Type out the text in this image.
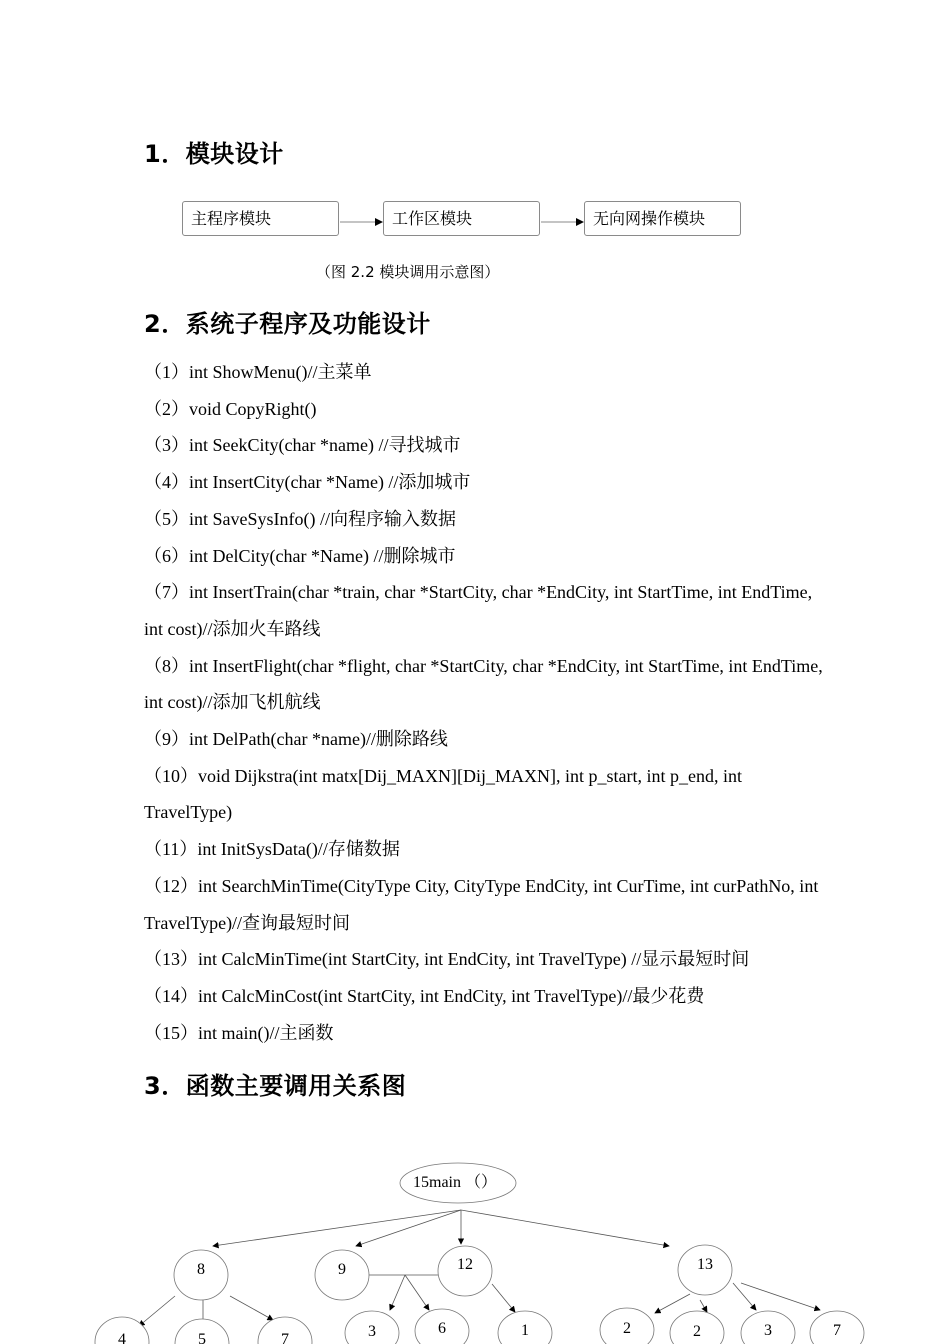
1．模块设计
主程序模块	工作区模块	无向网操作模块
（图 2.2 模块调用示意图）
2．系统子程序及功能设计
（1）int ShowMenu()//主菜单
（2）void CopyRight()
（3）int SeekCity(char *name) //寻找城市
（4）int InsertCity(char *Name) //添加城市
（5）int SaveSysInfo() //向程序输入数据
（6）int DelCity(char *Name) //删除城市
（7）int InsertTrain(char *train, char *StartCity, char *EndCity, int StartTime, int EndTime, int cost)//添加火车路线
（8）int InsertFlight(char *flight, char *StartCity, char *EndCity, int StartTime, int EndTime, int cost)//添加飞机航线
（9）int DelPath(char *name)//删除路线
（10）void Dijkstra(int matx[Dij_MAXN][Dij_MAXN], int p_start, int p_end, int TravelType)
（11）int InitSysData()//存储数据
（12）int SearchMinTime(CityType City, CityType EndCity, int CurTime, int curPathNo, int TravelType)//查询最短时间
（13）int CalcMinTime(int StartCity, int EndCity, int TravelType) //显示最短时间
（14）int CalcMinCost(int StartCity, int EndCity, int TravelType)//最少花费
（15）int main()//主函数
3．函数主要调用关系图
15main （）
8	9	12	13
4	5	7	3	6	1	2	2	3	7
